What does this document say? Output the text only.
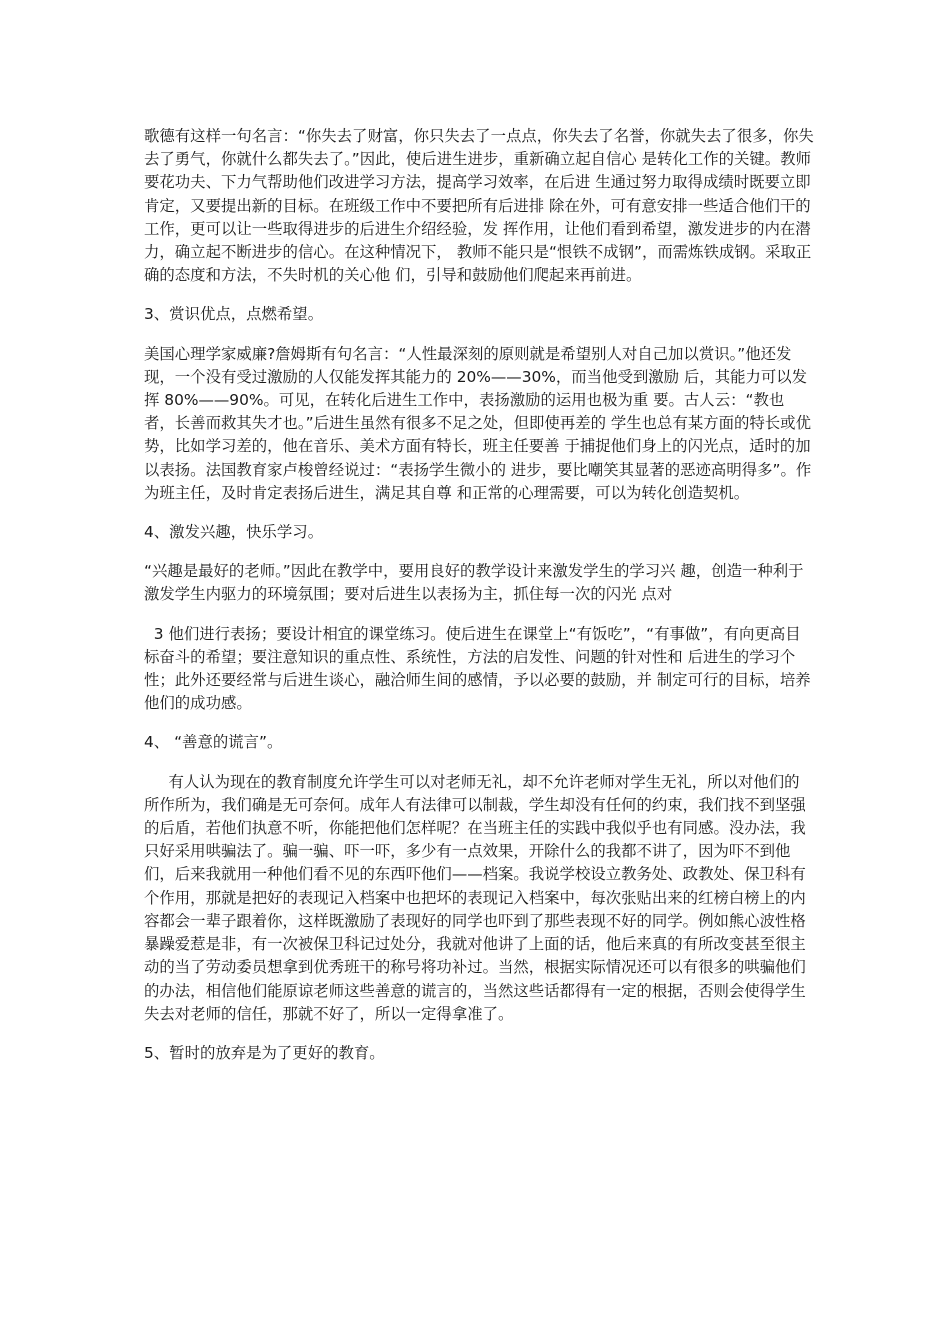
歌德有这样一句名言：“你失去了财富，你只失去了一点点，你失去了名誉，你就失去了很多，你失去了勇气，你就什么都失去了。”因此，使后进生进步，重新确立起自信心 是转化工作的关键。教师要花功夫、下力气帮助他们改进学习方法，提高学习效率，在后进 生通过努力取得成绩时既要立即肯定，又要提出新的目标。在班级工作中不要把所有后进排 除在外，可有意安排一些适合他们干的工作，更可以让一些取得进步的后进生介绍经验，发 挥作用，让他们看到希望，激发进步的内在潜力，确立起不断进步的信心。在这种情况下， 教师不能只是“恨铁不成钢”，而需炼铁成钢。采取正确的态度和方法，不失时机的关心他 们，引导和鼓励他们爬起来再前进。

3、赏识优点，点燃希望。

美国心理学家威廉?詹姆斯有句名言：“人性最深刻的原则就是希望别人对自己加以赏识。”他还发现，一个没有受过激励的人仅能发挥其能力的 20%——30%，而当他受到激励 后，其能力可以发挥 80%——90%。可见，在转化后进生工作中，表扬激励的运用也极为重 要。古人云：“教也者，长善而救其失才也。”后进生虽然有很多不足之处，但即使再差的 学生也总有某方面的特长或优势，比如学习差的，他在音乐、美术方面有特长，班主任要善 于捕捉他们身上的闪光点，适时的加以表扬。法国教育家卢梭曾经说过：“表扬学生微小的 进步，要比嘲笑其显著的恶迹高明得多”。作为班主任，及时肯定表扬后进生，满足其自尊 和正常的心理需要，可以为转化创造契机。

4、激发兴趣，快乐学习。

“兴趣是最好的老师。”因此在教学中，要用良好的教学设计来激发学生的学习兴 趣，创造一种利于激发学生内驱力的环境氛围；要对后进生以表扬为主，抓住每一次的闪光 点对

3 他们进行表扬；要设计相宜的课堂练习。使后进生在课堂上“有饭吃”，“有事做”，有向更高目标奋斗的希望；要注意知识的重点性、系统性，方法的启发性、问题的针对性和 后进生的学习个性；此外还要经常与后进生谈心，融洽师生间的感情，予以必要的鼓励，并 制定可行的目标，培养他们的成功感。

4、 “善意的谎言”。

有人认为现在的教育制度允许学生可以对老师无礼，却不允许老师对学生无礼，所以对他们的所作所为，我们确是无可奈何。成年人有法律可以制裁，学生却没有任何的约束，我们找不到坚强的后盾，若他们执意不听，你能把他们怎样呢？在当班主任的实践中我似乎也有同感。没办法，我只好采用哄骗法了。骗一骗、吓一吓，多少有一点效果，开除什么的我都不讲了，因为吓不到他们，后来我就用一种他们看不见的东西吓他们——档案。我说学校设立教务处、政教处、保卫科有个作用，那就是把好的表现记入档案中也把坏的表现记入档案中，每次张贴出来的红榜白榜上的内容都会一辈子跟着你，这样既激励了表现好的同学也吓到了那些表现不好的同学。例如熊心波性格暴躁爱惹是非，有一次被保卫科记过处分，我就对他讲了上面的话，他后来真的有所改变甚至很主动的当了劳动委员想拿到优秀班干的称号将功补过。当然，根据实际情况还可以有很多的哄骗他们的办法，相信他们能原谅老师这些善意的谎言的，当然这些话都得有一定的根据，否则会使得学生失去对老师的信任，那就不好了，所以一定得拿准了。

5、暂时的放弃是为了更好的教育。
